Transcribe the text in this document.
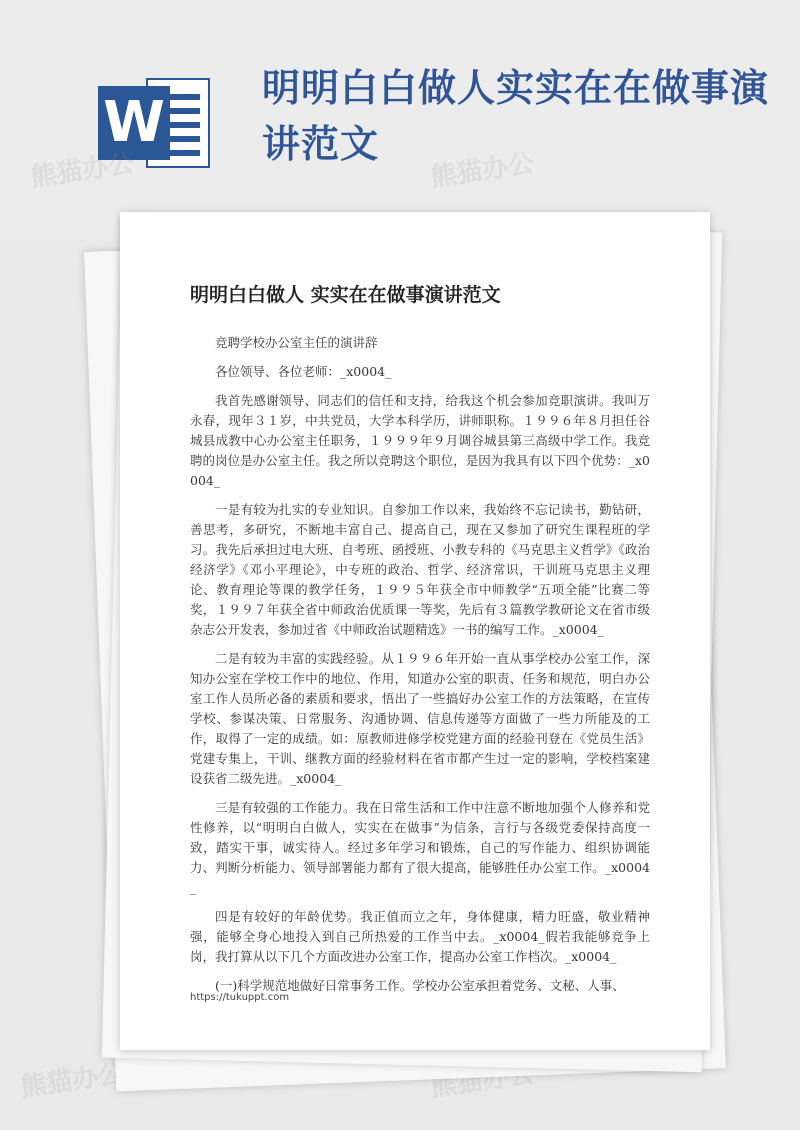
W
明明白白做人实实在在做事演讲范文
熊猫办公	熊猫办公
明明白白做人 实实在在做事演讲范文

竞聘学校办公室主任的演讲辞

各位领导、各位老师：_x0004_

我首先感谢领导、同志们的信任和支持，给我这个机会参加竞职演讲。我叫万永春，现年３１岁，中共党员，大学本科学历，讲师职称。１９９６年８月担任谷城县成教中心办公室主任职务，１９９９年９月调谷城县第三高级中学工作。我竞聘的岗位是办公室主任。我之所以竞聘这个职位，是因为我具有以下四个优势：_x0004_

一是有较为扎实的专业知识。自参加工作以来，我始终不忘记读书，勤钻研，善思考，多研究，不断地丰富自己、提高自己，现在又参加了研究生课程班的学习。我先后承担过电大班、自考班、函授班、小教专科的《马克思主义哲学》《政治经济学》《邓小平理论》，中专班的政治、哲学、经济常识，干训班马克思主义理论、教育理论等课的教学任务，１９９５年获全市中师教学“五项全能”比赛二等奖，１９９７年获全省中师政治优质课一等奖，先后有３篇教学教研论文在省市级杂志公开发表，参加过省《中师政治试题精选》一书的编写工作。_x0004_

二是有较为丰富的实践经验。从１９９６年开始一直从事学校办公室工作，深知办公室在学校工作中的地位、作用，知道办公室的职责、任务和规范，明白办公室工作人员所必备的素质和要求，悟出了一些搞好办公室工作的方法策略，在宣传学校、参谋决策、日常服务、沟通协调、信息传递等方面做了一些力所能及的工作，取得了一定的成绩。如：原教师进修学校党建方面的经验刊登在《党员生活》党建专集上，干训、继教方面的经验材料在省市都产生过一定的影响，学校档案建设获省二级先进。_x0004_

三是有较强的工作能力。我在日常生活和工作中注意不断地加强个人修养和党性修养，以“明明白白做人，实实在在做事”为信条，言行与各级党委保持高度一致，踏实干事，诚实待人。经过多年学习和锻炼，自己的写作能力、组织协调能力、判断分析能力、领导部署能力都有了很大提高，能够胜任办公室工作。_x0004_

四是有较好的年龄优势。我正值而立之年，身体健康，精力旺盛，敬业精神强，能够全身心地投入到自己所热爱的工作当中去。_x0004_假若我能够竞争上岗，我打算从以下几个方面改进办公室工作，提高办公室工作档次。_x0004_

(一)科学规范地做好日常事务工作。学校办公室承担着党务、文秘、人事、

https://tukuppt.com
